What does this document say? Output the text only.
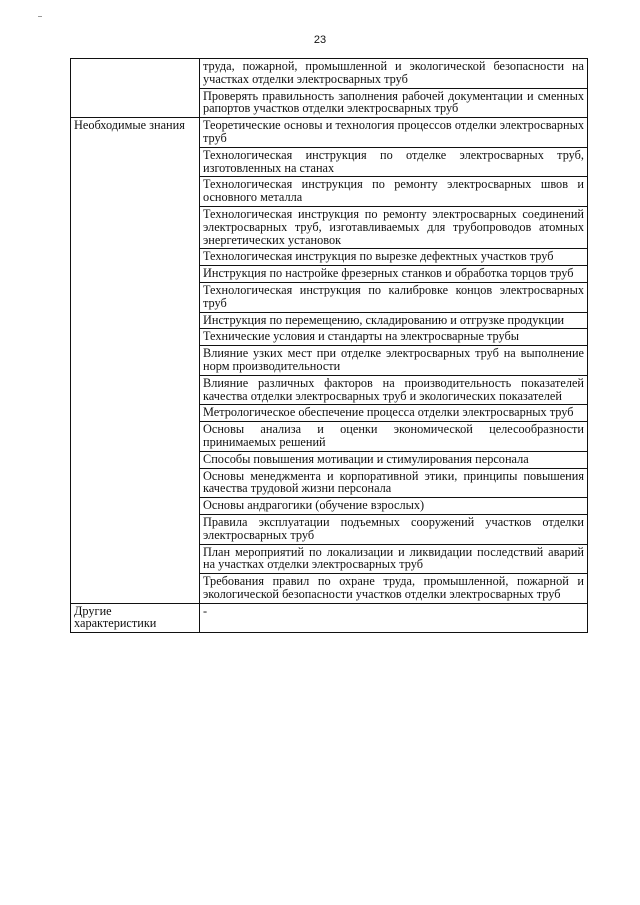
23
	труда, пожарной, промышленной и экологической безопасности на участках отделки электросварных труб
	Проверять правильность заполнения рабочей документации и сменных рапортов участков отделки электросварных труб
Необходимые знания	Теоретические основы и технология процессов отделки электросварных труб
	Технологическая инструкция по отделке электросварных труб, изготовленных на станах
	Технологическая инструкция по ремонту электросварных швов и основного металла
	Технологическая инструкция по ремонту электросварных соединений электросварных труб, изготавливаемых для трубопроводов атомных энергетических установок
	Технологическая инструкция по вырезке дефектных участков труб
	Инструкция по настройке фрезерных станков и обработка торцов труб
	Технологическая инструкция по калибровке концов электросварных труб
	Инструкция по перемещению, складированию и отгрузке продукции
	Технические условия и стандарты на электросварные трубы
	Влияние узких мест при отделке электросварных труб на выполнение норм производительности
	Влияние различных факторов на производительность показателей качества отделки электросварных труб и экологических показателей
	Метрологическое обеспечение процесса отделки электросварных труб
	Основы анализа и оценки экономической целесообразности принимаемых решений
	Способы повышения мотивации и стимулирования персонала
	Основы менеджмента и корпоративной этики, принципы повышения качества трудовой жизни персонала
	Основы андрагогики (обучение взрослых)
	Правила эксплуатации подъемных сооружений участков отделки электросварных труб
	План мероприятий по локализации и ликвидации последствий аварий на участках отделки электросварных труб
	Требования правил по охране труда, промышленной, пожарной и экологической безопасности участков отделки электросварных труб
Другие характеристики	-
